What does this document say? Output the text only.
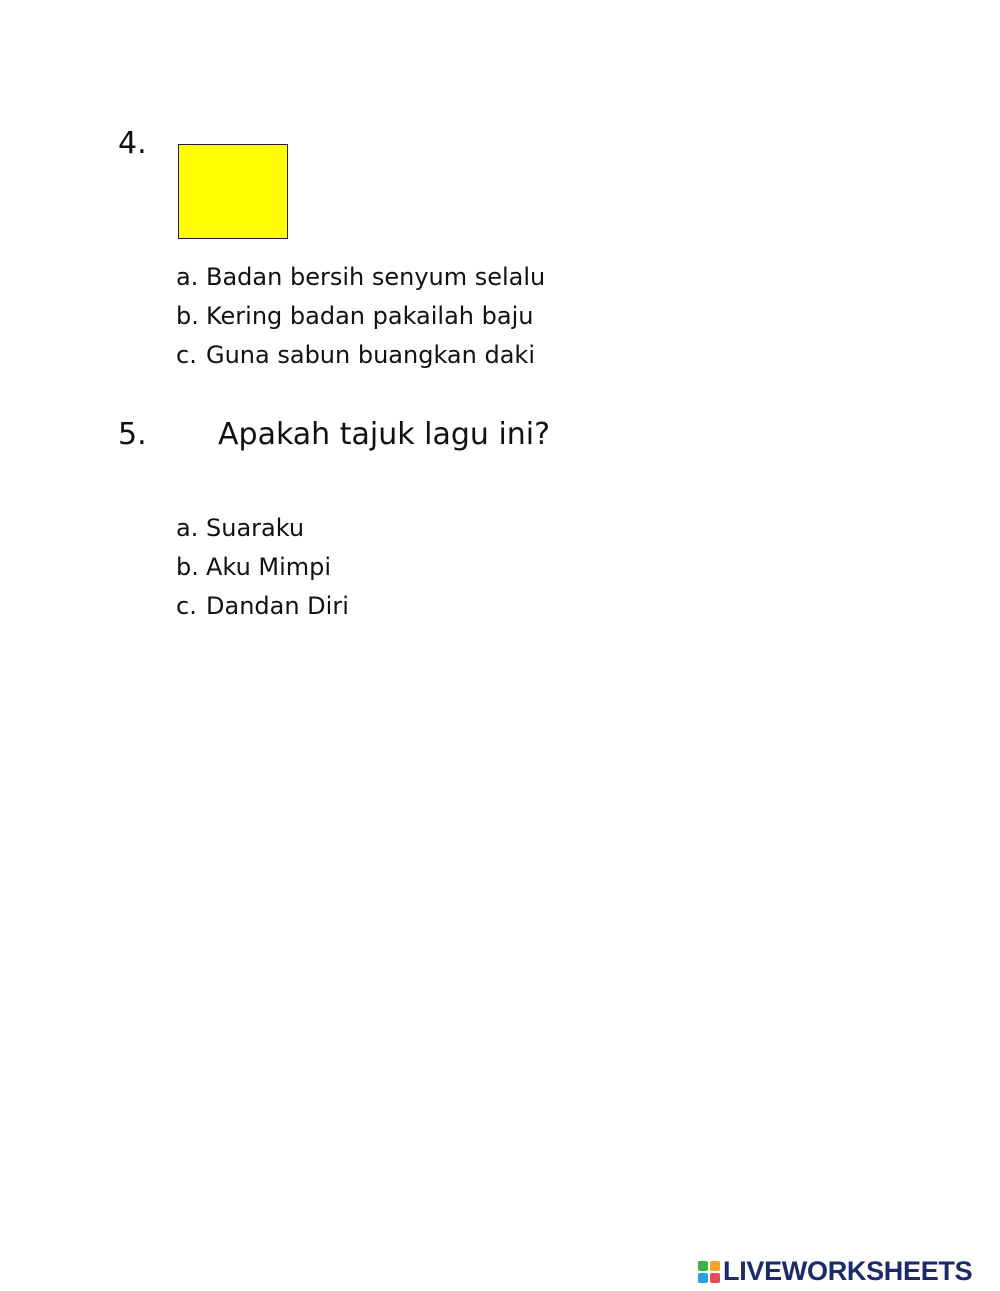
4.
a. Badan bersih senyum selalu
b. Kering badan pakailah baju
c. Guna sabun buangkan daki
5. Apakah tajuk lagu ini?
a. Suaraku
b. Aku Mimpi
c. Dandan Diri
LIVEWORKSHEETS
